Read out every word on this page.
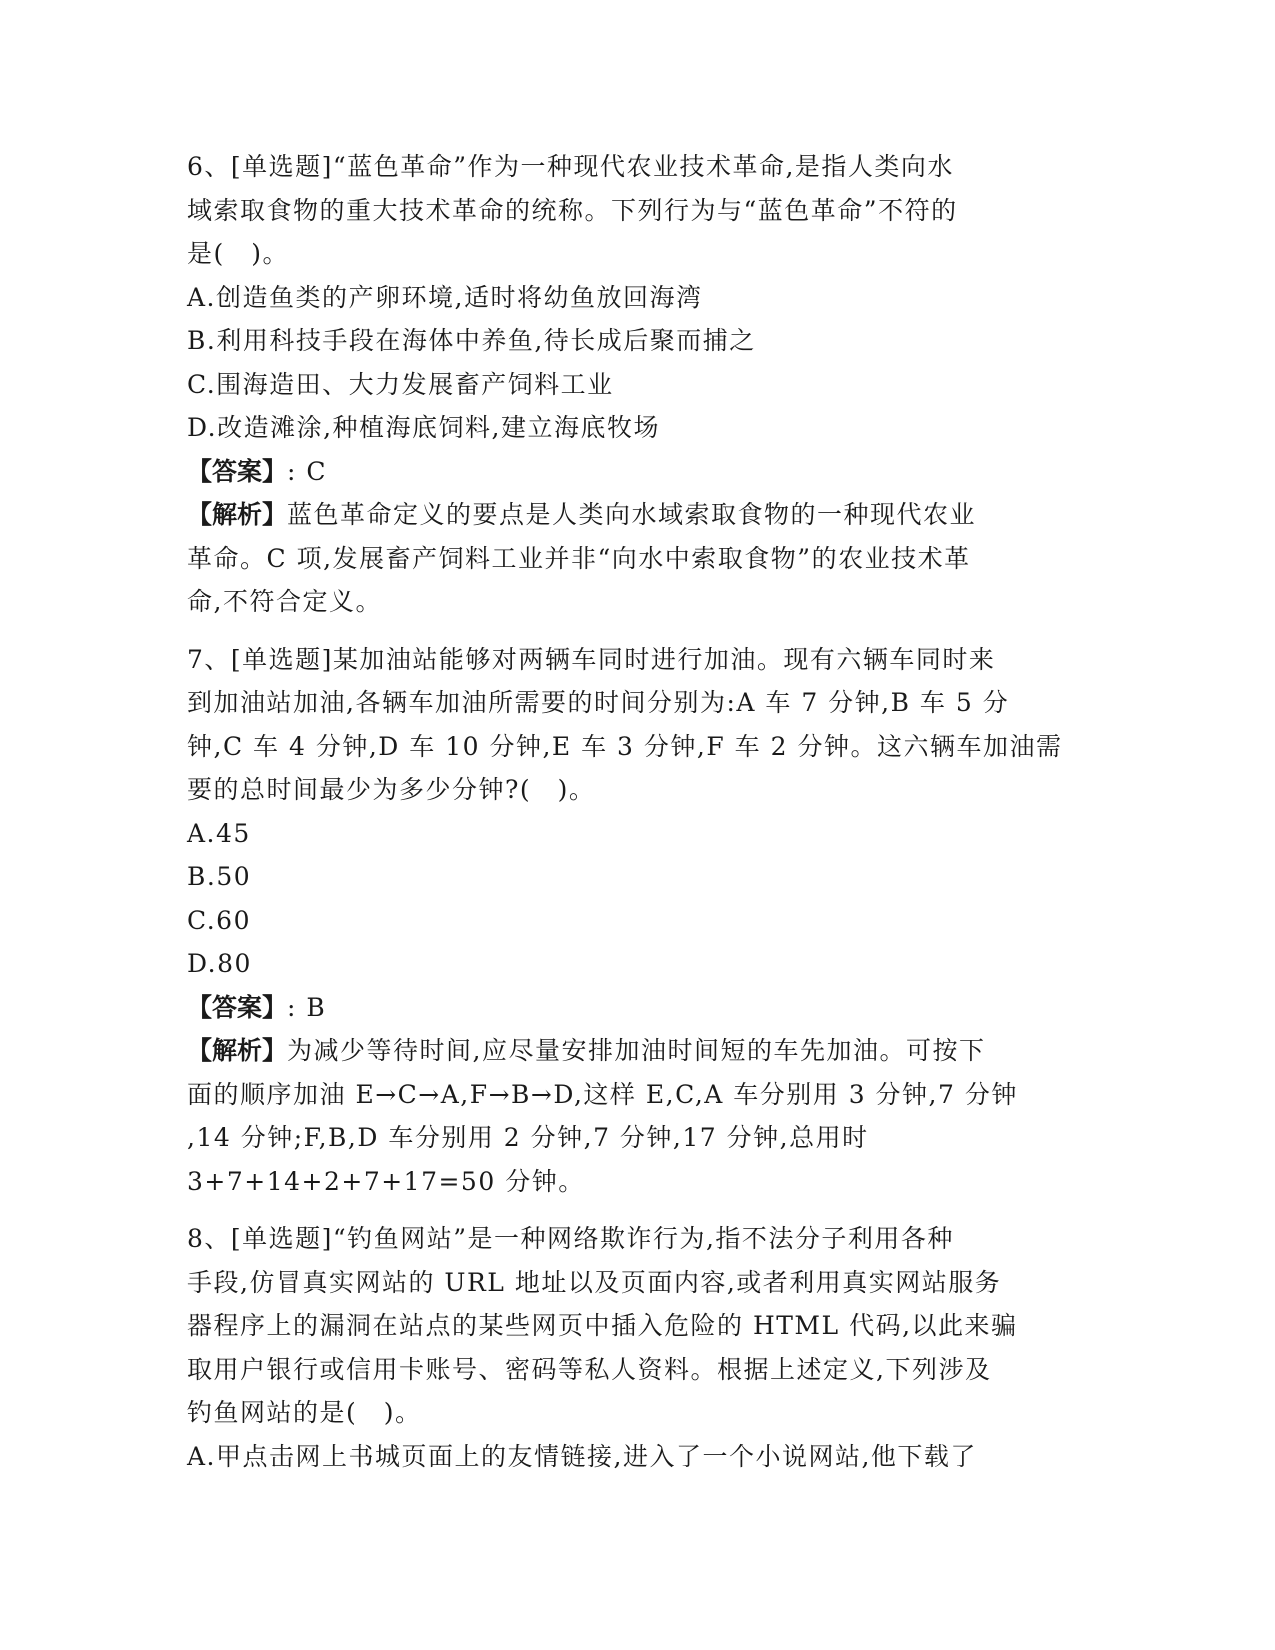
6、[单选题]“蓝色革命”作为一种现代农业技术革命,是指人类向水
域索取食物的重大技术革命的统称。下列行为与“蓝色革命”不符的
是(　)。
A.创造鱼类的产卵环境,适时将幼鱼放回海湾
B.利用科技手段在海体中养鱼,待长成后聚而捕之
C.围海造田、大力发展畜产饲料工业
D.改造滩涂,种植海底饲料,建立海底牧场
【答案】: C
【解析】蓝色革命定义的要点是人类向水域索取食物的一种现代农业
革命。C 项,发展畜产饲料工业并非“向水中索取食物”的农业技术革
命,不符合定义。
7、[单选题]某加油站能够对两辆车同时进行加油。现有六辆车同时来
到加油站加油,各辆车加油所需要的时间分别为:A 车 7 分钟,B 车 5 分
钟,C 车 4 分钟,D 车 10 分钟,E 车 3 分钟,F 车 2 分钟。这六辆车加油需
要的总时间最少为多少分钟?(　)。
A.45
B.50
C.60
D.80
【答案】: B
【解析】为减少等待时间,应尽量安排加油时间短的车先加油。可按下
面的顺序加油 E→C→A,F→B→D,这样 E,C,A 车分别用 3 分钟,7 分钟
,14 分钟;F,B,D 车分别用 2 分钟,7 分钟,17 分钟,总用时
3+7+14+2+7+17=50 分钟。
8、[单选题]“钓鱼网站”是一种网络欺诈行为,指不法分子利用各种
手段,仿冒真实网站的 URL 地址以及页面内容,或者利用真实网站服务
器程序上的漏洞在站点的某些网页中插入危险的 HTML 代码,以此来骗
取用户银行或信用卡账号、密码等私人资料。根据上述定义,下列涉及
钓鱼网站的是(　)。
A.甲点击网上书城页面上的友情链接,进入了一个小说网站,他下载了
